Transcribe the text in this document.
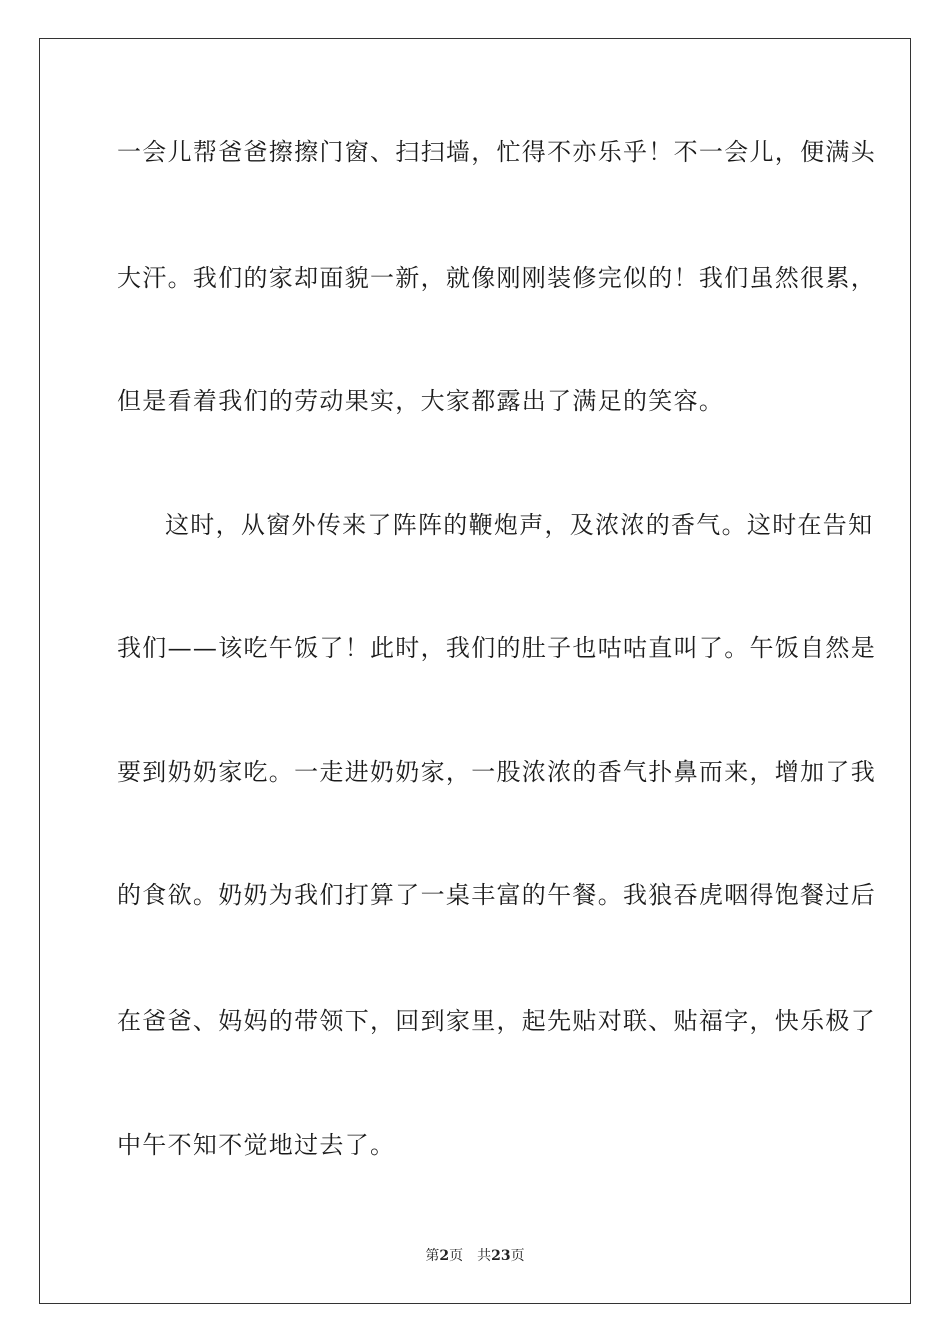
一会儿帮爸爸擦擦门窗、扫扫墙，忙得不亦乐乎！不一会儿，便满头
大汗。我们的家却面貌一新，就像刚刚装修完似的！我们虽然很累，
但是看着我们的劳动果实，大家都露出了满足的笑容。
这时，从窗外传来了阵阵的鞭炮声，及浓浓的香气。这时在告知
我们——该吃午饭了！此时，我们的肚子也咕咕直叫了。午饭自然是
要到奶奶家吃。一走进奶奶家，一股浓浓的香气扑鼻而来，增加了我
的食欲。奶奶为我们打算了一桌丰富的午餐。我狼吞虎咽得饱餐过后
在爸爸、妈妈的带领下，回到家里，起先贴对联、贴福字，快乐极了
中午不知不觉地过去了。
第2页 共23页
